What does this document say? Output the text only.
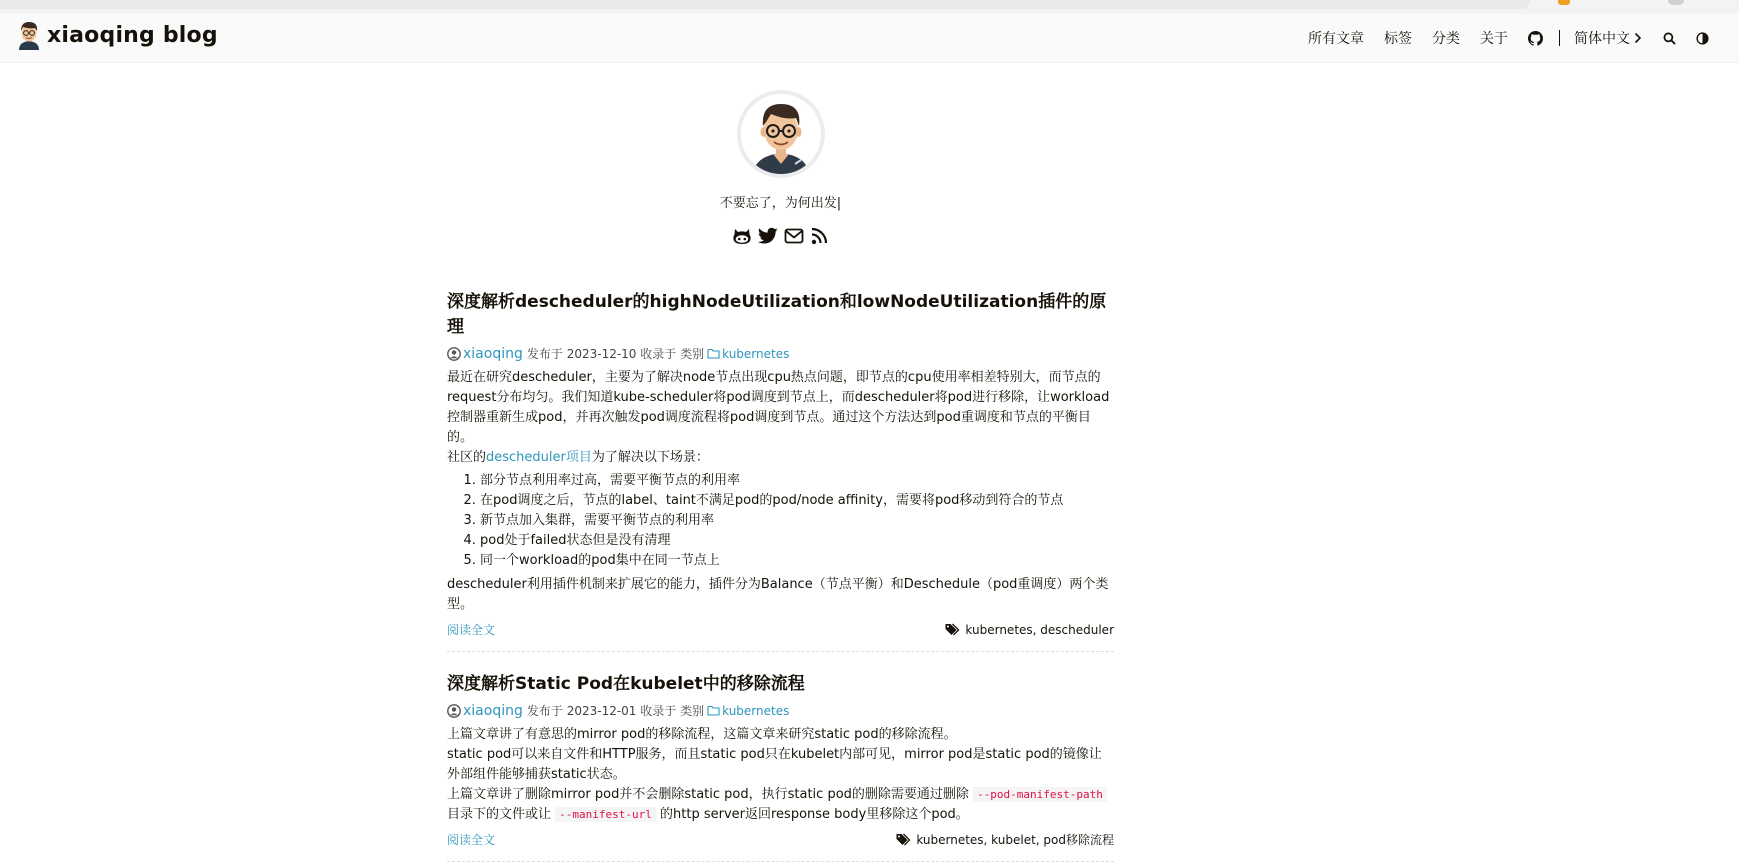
xiaoqing blog	所有文章 标签 分类 关于	简体中文
不要忘了，为何出发|
深度解析descheduler的highNodeUtilization和lowNodeUtilization插件的原理
xiaoqing 发布于
2023-12-10
收录于 类别 kubernetes

最近在研究descheduler，主要为了解决node节点出现cpu热点问题，即节点的cpu使用率相差特别大，而节点的request分布均匀。我们知道kube-scheduler将pod调度到节点上，而descheduler将pod进行移除，让workload控制器重新生成pod，并再次触发pod调度流程将pod调度到节点。通过这个方法达到pod重调度和节点的平衡目的。

社区的descheduler项目为了解决以下场景：

1. 部分节点利用率过高，需要平衡节点的利用率
2. 在pod调度之后，节点的label、taint不满足pod的pod/node affinity，需要将pod移动到符合的节点
3. 新节点加入集群，需要平衡节点的利用率
4. pod处于failed状态但是没有清理
5. 同一个workload的pod集中在同一节点上

descheduler利用插件机制来扩展它的能力，插件分为Balance（节点平衡）和Deschedule（pod重调度）两个类型。

阅读全文	kubernetes, descheduler
深度解析Static Pod在kubelet中的移除流程
xiaoqing 发布于
2023-12-01
收录于 类别 kubernetes

上篇文章讲了有意思的mirror pod的移除流程，这篇文章来研究static pod的移除流程。

static pod可以来自文件和HTTP服务，而且static pod只在kubelet内部可见，mirror pod是static pod的镜像让外部组件能够捕获static状态。

上篇文章讲了删除mirror pod并不会删除static pod，执行static pod的删除需要通过删除 --pod-manifest-path 目录下的文件或让 --manifest-url 的http server返回response body里移除这个pod。

阅读全文	kubernetes, kubelet, pod移除流程
